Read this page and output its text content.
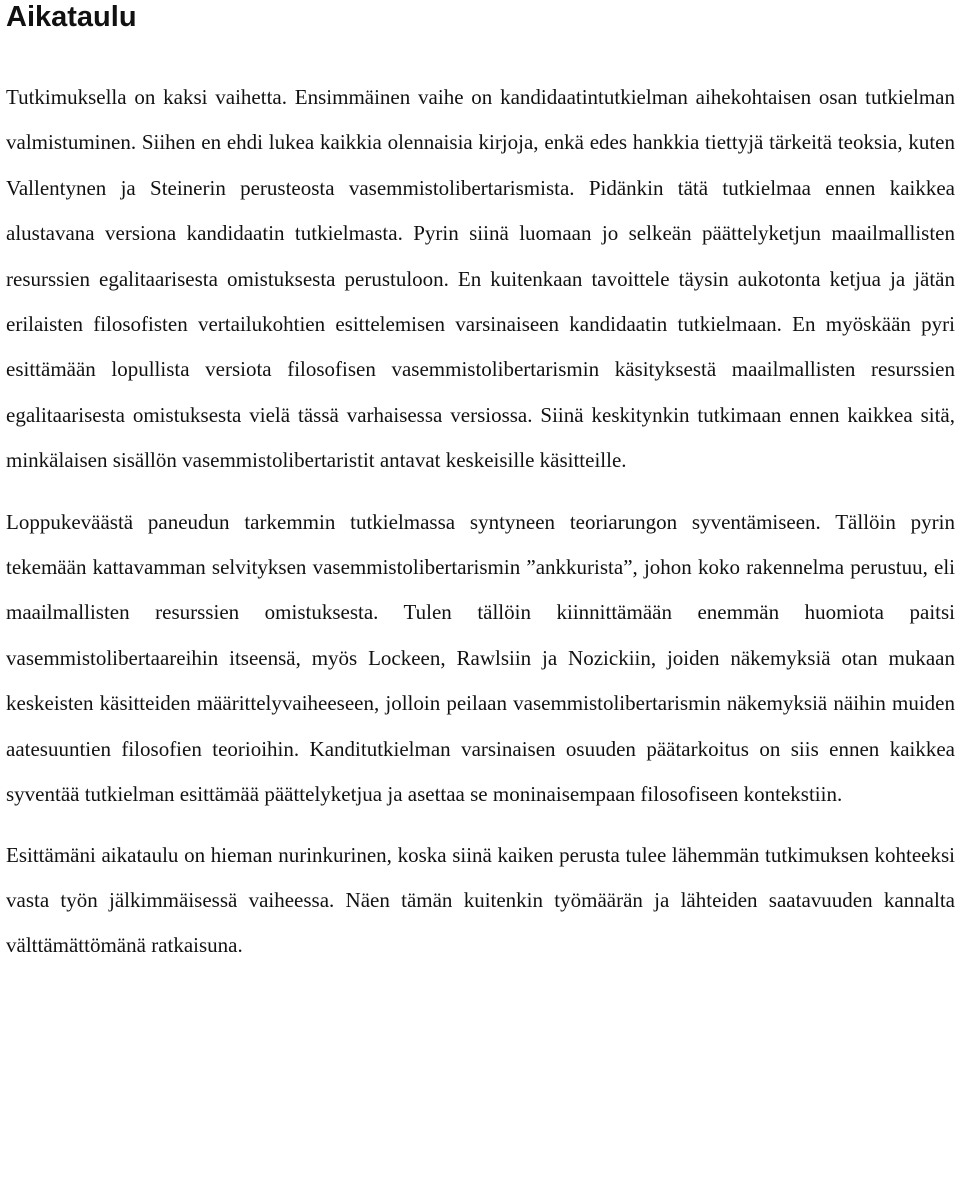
Aikataulu

Tutkimuksella on kaksi vaihetta. Ensimmäinen vaihe on kandidaatintutkielman aihekohtaisen osan tutkielman valmistuminen. Siihen en ehdi lukea kaikkia olennaisia kirjoja, enkä edes hankkia tiettyjä tärkeitä teoksia, kuten Vallentynen ja Steinerin perusteosta vasemmistolibertarismista. Pidänkin tätä tutkielmaa ennen kaikkea alustavana versiona kandidaatin tutkielmasta. Pyrin siinä luomaan jo selkeän päättelyketjun maailmallisten resurssien egalitaarisesta omistuksesta perustuloon. En kuitenkaan tavoittele täysin aukotonta ketjua ja jätän erilaisten filosofisten vertailukohtien esittelemisen varsinaiseen kandidaatin tutkielmaan. En myöskään pyri esittämään lopullista versiota filosofisen vasemmistolibertarismin käsityksestä maailmallisten resurssien egalitaarisesta omistuksesta vielä tässä varhaisessa versiossa. Siinä keskitynkin tutkimaan ennen kaikkea sitä, minkälaisen sisällön vasemmistolibertaristit antavat keskeisille käsitteille.

Loppukeväästä paneudun tarkemmin tutkielmassa syntyneen teoriarungon syventämiseen. Tällöin pyrin tekemään kattavamman selvityksen vasemmistolibertarismin ”ankkurista”, johon koko rakennelma perustuu, eli maailmallisten resurssien omistuksesta. Tulen tällöin kiinnittämään enemmän huomiota paitsi vasemmistolibertaareihin itseensä, myös Lockeen, Rawlsiin ja Nozickiin, joiden näkemyksiä otan mukaan keskeisten käsitteiden määrittelyvaiheeseen, jolloin peilaan vasemmistolibertarismin näkemyksiä näihin muiden aatesuuntien filosofien teorioihin. Kanditutkielman varsinaisen osuuden päätarkoitus on siis ennen kaikkea syventää tutkielman esittämää päättelyketjua ja asettaa se moninaisempaan filosofiseen kontekstiin.

Esittämäni aikataulu on hieman nurinkurinen, koska siinä kaiken perusta tulee lähemmän tutkimuksen kohteeksi vasta työn jälkimmäisessä vaiheessa. Näen tämän kuitenkin työmäärän ja lähteiden saatavuuden kannalta välttämättömänä ratkaisuna.
